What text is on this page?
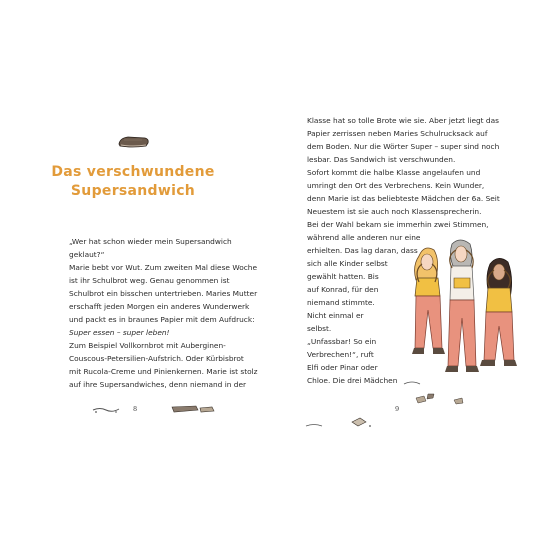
Das verschwundene
Supersandwich
„Wer hat schon wieder mein Supersandwich
geklaut?“
Marie bebt vor Wut. Zum zweiten Mal diese Woche
ist ihr Schulbrot weg. Genau genommen ist
Schulbrot ein bisschen untertrieben. Maries Mutter
erschafft jeden Morgen ein anderes Wunderwerk
und packt es in braunes Papier mit dem Aufdruck:
Super essen – super leben!
Zum Beispiel Vollkornbrot mit Auberginen-
Couscous-Petersilien-Aufstrich. Oder Kürbisbrot
mit Rucola-Creme und Pinienkernen. Marie ist stolz
auf ihre Supersandwiches, denn niemand in der
8
Klasse hat so tolle Brote wie sie. Aber jetzt liegt das
Papier zerrissen neben Maries Schulrucksack auf
dem Boden. Nur die Wörter Super – super sind noch
lesbar. Das Sandwich ist verschwunden.
Sofort kommt die halbe Klasse angelaufen und
umringt den Ort des Verbrechens. Kein Wunder,
denn Marie ist das beliebteste Mädchen der 6a. Seit
Neuestem ist sie auch noch Klassensprecherin.
Bei der Wahl bekam sie immerhin zwei Stimmen,
während alle anderen nur eine
erhielten. Das lag daran, dass
sich alle Kinder selbst
gewählt hatten. Bis
auf Konrad, für den
niemand stimmte.
Nicht einmal er
selbst.
„Unfassbar! So ein
Verbrechen!“, ruft
Elfi oder Pinar oder
Chloe. Die drei Mädchen
9
